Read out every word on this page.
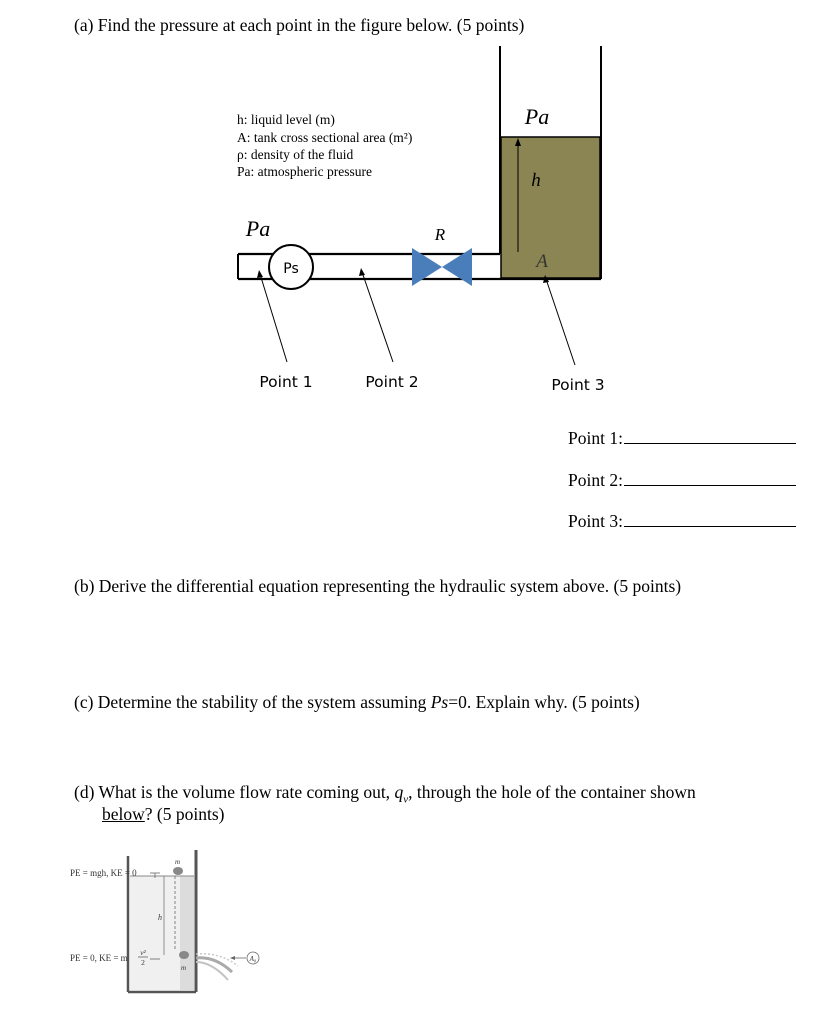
(a) Find the pressure at each point in the figure below. (5 points)
Pa
h
A
R
Pa
Ps
Point 1	Point 2	Point 3
h: liquid level (m)
A: tank cross sectional area (m²)
ρ: density of the fluid
Pa: atmospheric pressure
Point 1:
Point 2:
Point 3:
(b) Derive the differential equation representing the hydraulic system above. (5 points)
(c) Determine the stability of the system assuming Ps=0. Explain why. (5 points)
(d) What is the volume flow rate coming out, $q_v$, through the hole of the container shown
below? (5 points)
PE = mgh, KE = 0
PE = 0, KE = m
v²
2
h
m
m
A₀
